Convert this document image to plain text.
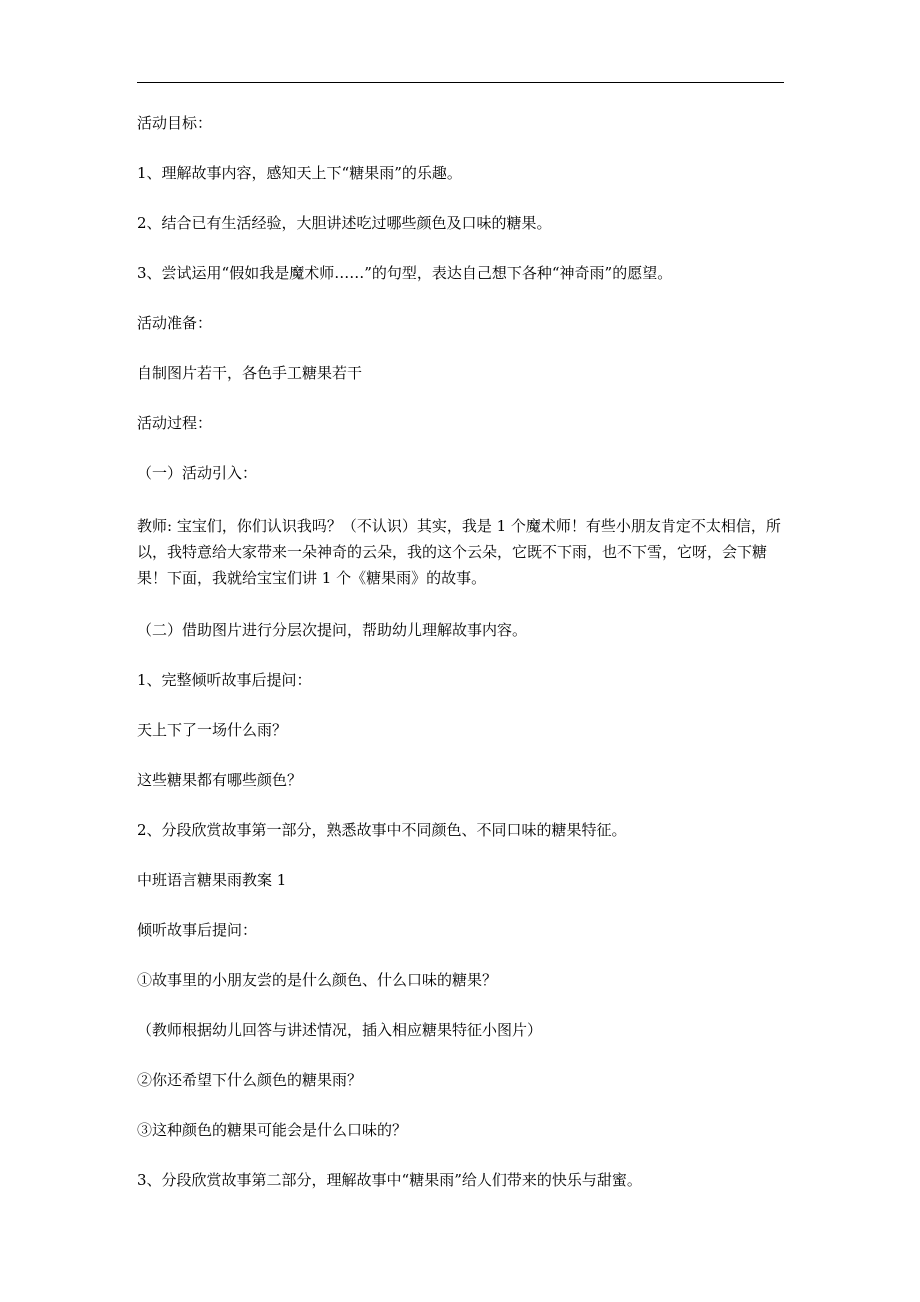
活动目标：

1、理解故事内容，感知天上下“糖果雨”的乐趣。

2、结合已有生活经验，大胆讲述吃过哪些颜色及口味的糖果。

3、尝试运用“假如我是魔术师……”的句型，表达自己想下各种“神奇雨”的愿望。

活动准备：

自制图片若干，各色手工糖果若干

活动过程：

（一）活动引入：

教师: 宝宝们，你们认识我吗？（不认识）其实，我是 1 个魔术师！有些小朋友肯定不太相信，所以，我特意给大家带来一朵神奇的云朵，我的这个云朵，它既不下雨，也不下雪，它呀，会下糖果！下面，我就给宝宝们讲 1 个《糖果雨》的故事。

（二）借助图片进行分层次提问，帮助幼儿理解故事内容。

1、完整倾听故事后提问：

天上下了一场什么雨？

这些糖果都有哪些颜色？

2、分段欣赏故事第一部分，熟悉故事中不同颜色、不同口味的糖果特征。

中班语言糖果雨教案 1

倾听故事后提问：

①故事里的小朋友尝的是什么颜色、什么口味的糖果？

（教师根据幼儿回答与讲述情况，插入相应糖果特征小图片）

②你还希望下什么颜色的糖果雨？

③这种颜色的糖果可能会是什么口味的？

3、分段欣赏故事第二部分，理解故事中“糖果雨”给人们带来的快乐与甜蜜。
